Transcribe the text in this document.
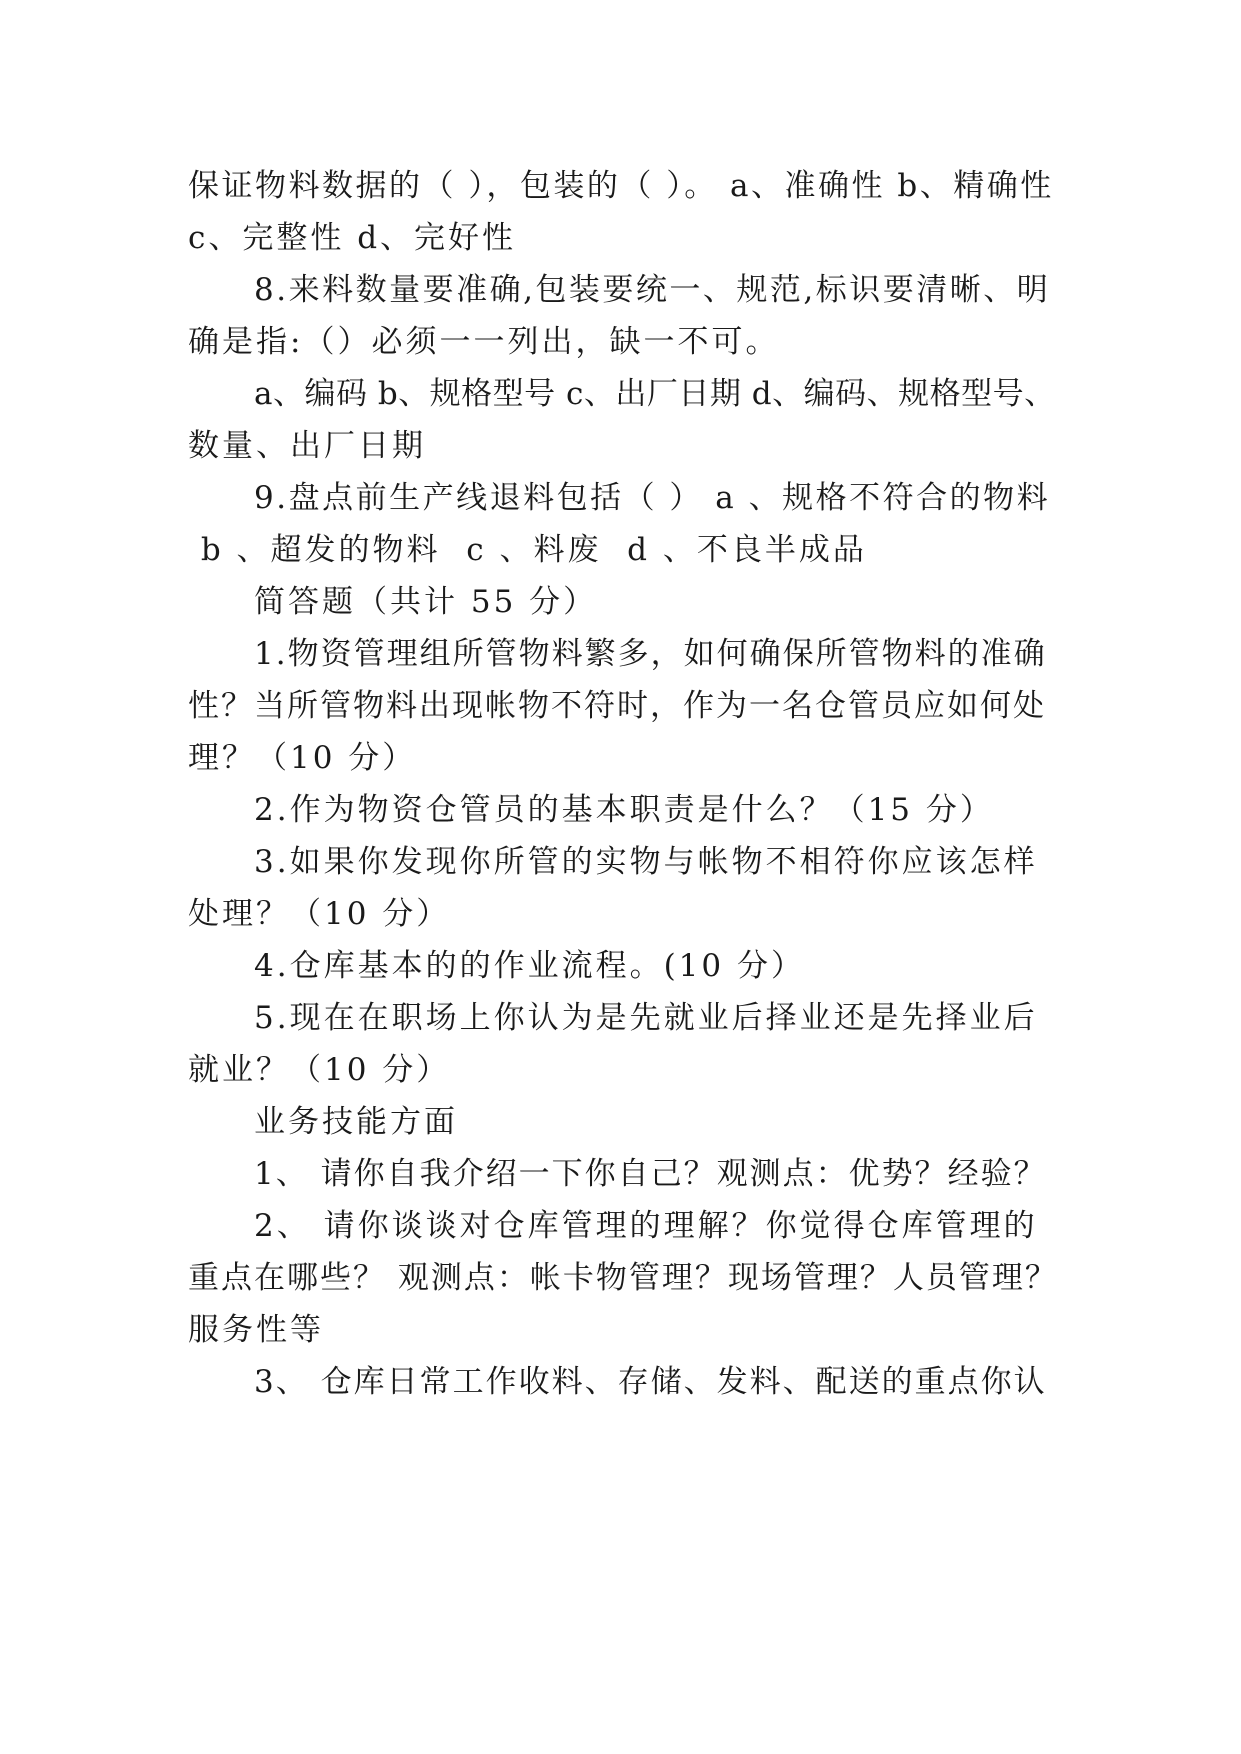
保证物料数据的（ ），包装的（ ）。 a、准确性 b、精确性
c、完整性 d、完好性
8.来料数量要准确,包装要统一、规范,标识要清晰、明
确是指:（）必须一一列出，缺一不可。
a、编码 b、规格型号 c、出厂日期 d、编码、规格型号、
数量、出厂日期
9.盘点前生产线退料包括（ ） a 、规格不符合的物料
b 、超发的物料  c 、料废  d 、不良半成品
简答题（共计 55 分）
1.物资管理组所管物料繁多，如何确保所管物料的准确
性？当所管物料出现帐物不符时，作为一名仓管员应如何处
理？（10 分）
2.作为物资仓管员的基本职责是什么？（15 分）
3.如果你发现你所管的实物与帐物不相符你应该怎样
处理？（10 分）
4.仓库基本的的作业流程。(10 分）
5.现在在职场上你认为是先就业后择业还是先择业后
就业？（10 分）
业务技能方面
1、 请你自我介绍一下你自己？观测点：优势？经验？
2、 请你谈谈对仓库管理的理解？你觉得仓库管理的
重点在哪些？ 观测点：帐卡物管理？现场管理？人员管理？
服务性等
3、 仓库日常工作收料、存储、发料、配送的重点你认
